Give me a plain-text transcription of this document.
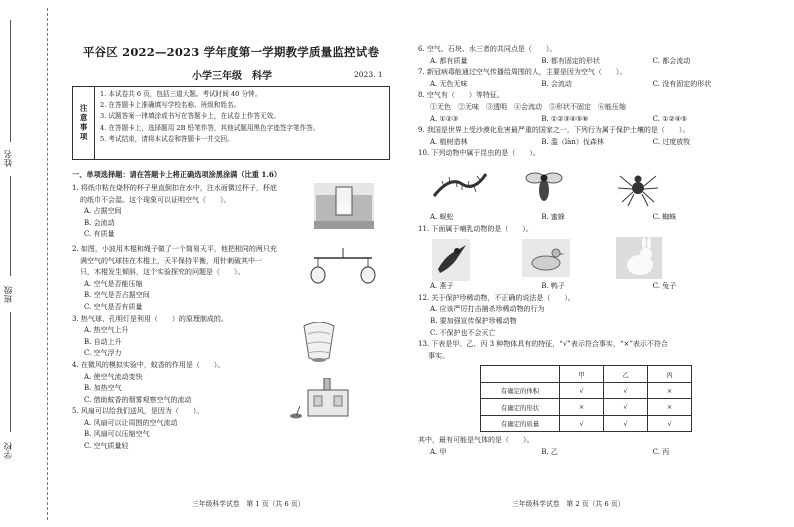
姓名
班级
学校
平谷区 2022—2023 学年度第一学期教学质量监控试卷
小学三年级　科学	2023. 1
注意事项
1. 本试卷共 6 页，包括三道大题。考试时间 40 分钟。
2. 在答题卡上准确填写学校名称、班级和姓名。
3. 试题答案一律填涂或书写在答题卡上，在试卷上作答无效。
4. 在答题卡上，选择题用 2B 铅笔作答，其他试题用黑色字迹签字笔作答。
5. 考试结束，请将本试卷和答题卡一并交回。
一、单项选择题：请在答题卡上将正确选项涂黑涂满（比重 1.6）
1. 将纸巾粘在烧杯的杯子里直倒扣在水中，注水面微过杯子，杯底
的纸巾不会湿。这个现象可以证明空气（　　）。
A. 占据空间
B. 会流动
C. 有质量
2. 如图，小波用木棍和绳子做了一个简易天平，他把相同的两只充
满空气的气球挂在木棍上，天平保持平衡，用针刺破其中一
只，木棍发生倾斜，这个实验探究的问题是（　　）。
A. 空气是否能压缩
B. 空气是否占据空间
C. 空气是否有质量
3. 热气球、孔明灯是利用（　　）的原理制成的。
A. 热空气上升
B. 自动上升
C. 空气浮力
4. 在微风的模拟实验中，蚊香的作用是（　　）。
A. 使空气流动变快
B. 加热空气
C. 借助蚊香的烟雾观察空气的流动
5. 风扇可以给我们送风，是因为（　　）。
A. 风扇可以让周围的空气流动
B. 风扇可以压缩空气
C. 空气质量轻
三年级科学试卷　第 1 页（共 6 页）
6. 空气、石块、水三者的共同点是（　　）。
A. 都有质量	B. 都有固定的形状	C. 都会流动
7. 新冠病毒能通过空气传播给周围的人，主要是因为空气（　　）。
A. 无色无味	B. 会流动	C. 没有固定的形状
8. 空气有（　　）等特征。
①无色　②无味　③透明　④会流动　⑤形状不固定　⑥能压缩
A. ①②③	B. ①②③④⑤⑥	C. ①②④⑤
9. 我国是世界上受沙漠化危害最严重的国家之一，下列行为属于保护土壤的是（　　）。
A. 植树造林	B. 滥（làn）伐森林	C. 过度放牧
10. 下列动物中属于昆虫的是（　　）。
A. 蜈蚣	B. 蜜蜂	C. 蜘蛛
11. 下面属于哺乳动物的是（　　）。
A. 燕子	B. 鸭子	C. 兔子
12. 关于保护珍稀动物，不正确的说法是（　　）。
A. 应该严厉打击捕杀珍稀动物的行为
B. 要加强宣传保护珍稀动物
C. 不保护也不会灭亡
13. 下表是甲、乙、丙 3 种物体具有的特征，“√”表示符合事实，“×”表示不符合
事实。
	甲	乙	丙
有确定的体积	√	√	×
有确定的形状	×	√	×
有确定的质量	√	√	√
其中，最有可能是气体的是（　　）。
A. 甲	B. 乙	C. 丙
三年级科学试卷　第 2 页（共 6 页）
